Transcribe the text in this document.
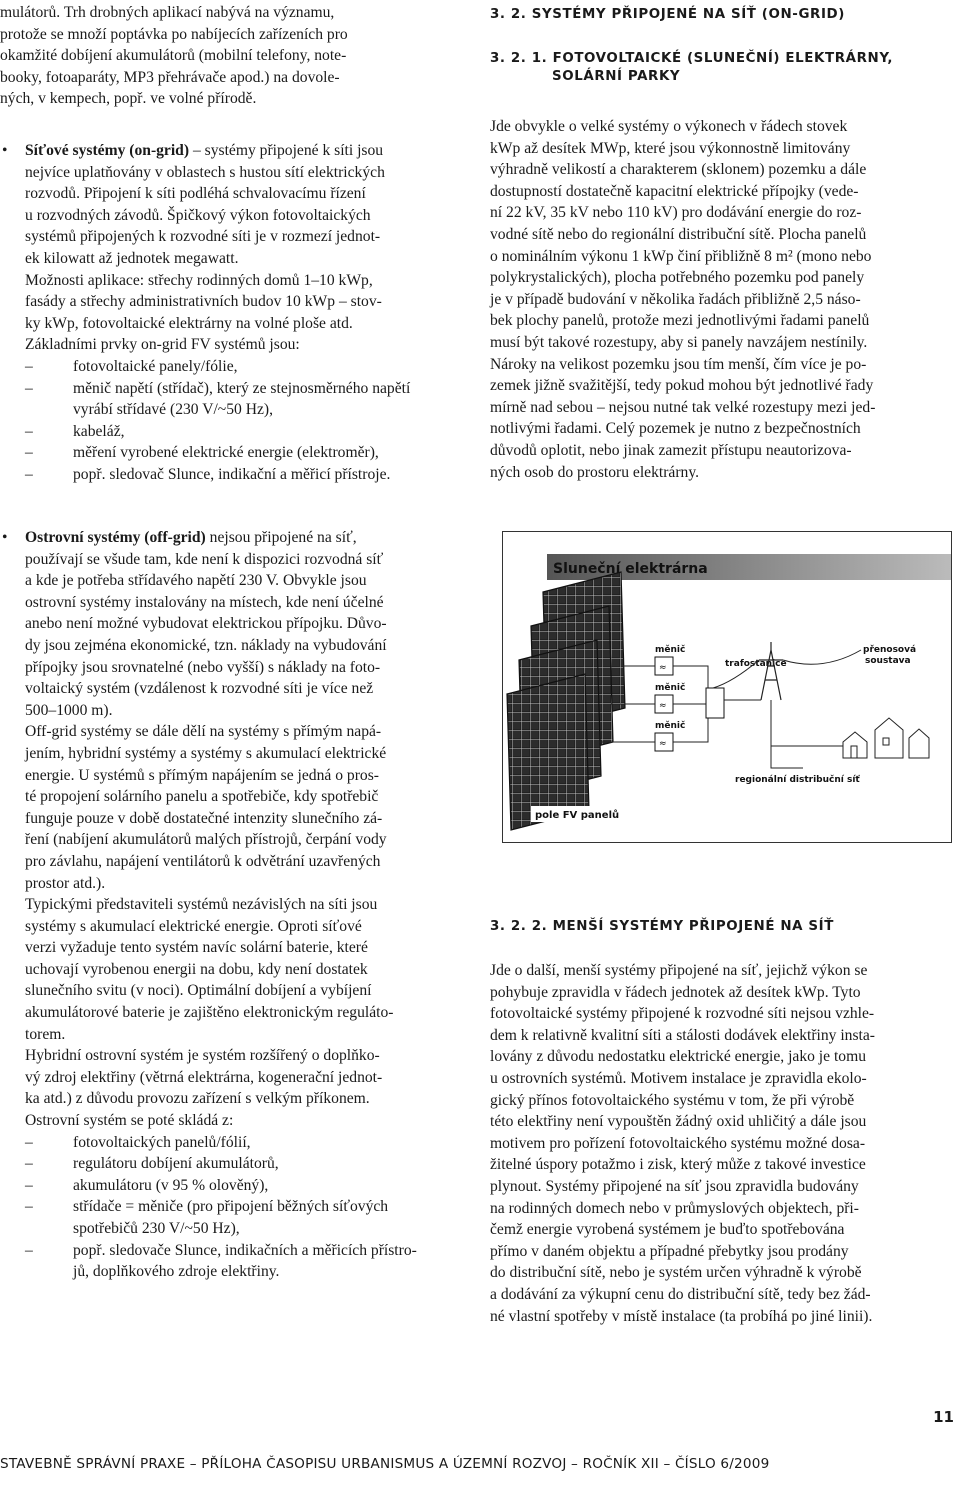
mulátorů. Trh drobných aplikací nabývá na významu,
protože se množí poptávka po nabíjecích zařízeních pro
okamžité dobíjení akumulátorů (mobilní telefony, note-
booky, fotoaparáty, MP3 přehrávače apod.) na dovole-
ných, v kempech, popř. ve volné přírodě.
• Síťové systémy (on-grid) – systémy připojené k síti jsou
nejvíce uplatňovány v oblastech s hustou sítí elektrických
rozvodů. Připojení k síti podléhá schvalovacímu řízení
u rozvodných závodů. Špičkový výkon fotovoltaických
systémů připojených k rozvodné síti je v rozmezí jednot-
ek kilowatt až jednotek megawatt.
Možnosti aplikace: střechy rodinných domů 1–10 kWp,
fasády a střechy administrativních budov 10 kWp – stov-
ky kWp, fotovoltaické elektrárny na volné ploše atd.
Základními prvky on-grid FV systémů jsou:
–	fotovoltaické panely/fólie,
–	měnič napětí (střídač), který ze stejnosměrného napětí
vyrábí střídavé (230 V/~50 Hz),
–	kabeláž,
–	měření vyrobené elektrické energie (elektroměr),
–	popř. sledovač Slunce, indikační a měřicí přístroje.
• Ostrovní systémy (off-grid) nejsou připojené na síť,
používají se všude tam, kde není k dispozici rozvodná síť
a kde je potřeba střídavého napětí 230 V. Obvykle jsou
ostrovní systémy instalovány na místech, kde není účelné
anebo není možné vybudovat elektrickou přípojku. Důvo-
dy jsou zejména ekonomické, tzn. náklady na vybudování
přípojky jsou srovnatelné (nebo vyšší) s náklady na foto-
voltaický systém (vzdálenost k rozvodné síti je více než
500–1000 m).
Off-grid systémy se dále dělí na systémy s přímým napá-
jením, hybridní systémy a systémy s akumulací elektrické
energie. U systémů s přímým napájením se jedná o pros-
té propojení solárního panelu a spotřebiče, kdy spotřebič
funguje pouze v době dostatečné intenzity slunečního zá-
ření (nabíjení akumulátorů malých přístrojů, čerpání vody
pro závlahu, napájení ventilátorů k odvětrání uzavřených
prostor atd.).
Typickými představiteli systémů nezávislých na síti jsou
systémy s akumulací elektrické energie. Oproti síťové
verzi vyžaduje tento systém navíc solární baterie, které
uchovají vyrobenou energii na dobu, kdy není dostatek
slunečního svitu (v noci). Optimální dobíjení a vybíjení
akumulátorové baterie je zajištěno elektronickým reguláto-
torem.
Hybridní ostrovní systém je systém rozšířený o doplňko-
vý zdroj elektřiny (větrná elektrárna, kogenerační jednot-
ka atd.) z důvodu provozu zařízení s velkým příkonem.
Ostrovní systém se poté skládá z:
–	fotovoltaických panelů/fólií,
–	regulátoru dobíjení akumulátorů,
–	akumulátoru (v 95 % olověný),
–	střídače = měniče (pro připojení běžných síťových
spotřebičů 230 V/~50 Hz),
–	popř. sledovače Slunce, indikačních a měřicích přístro-
jů, doplňkového zdroje elektřiny.
3. 2. SYSTÉMY PŘIPOJENÉ NA SÍŤ (ON-GRID)
3. 2. 1. FOTOVOLTAICKÉ (SLUNEČNÍ) ELEKTRÁRNY,
SOLÁRNÍ PARKY
Jde obvykle o velké systémy o výkonech v řádech stovek
kWp až desítek MWp, které jsou výkonnostně limitovány
výhradně velikostí a charakterem (sklonem) pozemku a dále
dostupností dostatečně kapacitní elektrické přípojky (vede-
ní 22 kV, 35 kV nebo 110 kV) pro dodávání energie do roz-
vodné sítě nebo do regionální distribuční sítě. Plocha panelů
o nominálním výkonu 1 kWp činí přibližně 8 m² (mono nebo
polykrystalických), plocha potřebného pozemku pod panely
je v případě budování v několika řadách přibližně 2,5 náso-
bek plochy panelů, protože mezi jednotlivými řadami panelů
musí být takové rozestupy, aby si panely navzájem nestínily.
Nároky na velikost pozemku jsou tím menší, čím více je po-
zemek jižně svažitější, tedy pokud mohou být jednotlivé řady
mírně nad sebou – nejsou nutné tak velké rozestupy mezi jed-
notlivými řadami. Celý pozemek je nutno z bezpečnostních
důvodů oplotit, nebo jinak zamezit přístupu neautorizova-
ných osob do prostoru elektrárny.
3. 2. 2. MENŠÍ SYSTÉMY PŘIPOJENÉ NA SÍŤ
Jde o další, menší systémy připojené na síť, jejichž výkon se
pohybuje zpravidla v řádech jednotek až desítek kWp. Tyto
fotovoltaické systémy připojené k rozvodné síti nejsou vzhle-
dem k relativně kvalitní síti a stálosti dodávek elektřiny insta-
lovány z důvodu nedostatku elektrické energie, jako je tomu
u ostrovních systémů. Motivem instalace je zpravidla ekolo-
gický přínos fotovoltaického systému v tom, že při výrobě
této elektřiny není vypouštěn žádný oxid uhličitý a dále jsou
motivem pro pořízení fotovoltaického systému možné dosa-
žitelné úspory potažmo i zisk, který může z takové investice
plynout. Systémy připojené na síť jsou zpravidla budovány
na rodinných domech nebo v průmyslových objektech, při-
čemž energie vyrobená systémem je buďto spotřebována
přímo v daném objektu a případné přebytky jsou prodány
do distribuční sítě, nebo je systém určen výhradně k výrobě
a dodávání za výkupní cenu do distribuční sítě, tedy bez žád-
né vlastní spotřeby v místě instalace (ta probíhá po jiné linii).
Sluneční elektrárna
pole FV panelů
měnič
≈
měnič
≈
měnič
≈
trafostanice
přenosová
soustava
regionální distribuční síť
11
STAVEBNĚ SPRÁVNÍ PRAXE – PŘÍLOHA ČASOPISU URBANISMUS A ÚZEMNÍ ROZVOJ – ROČNÍK XII – ČÍSLO 6/2009
